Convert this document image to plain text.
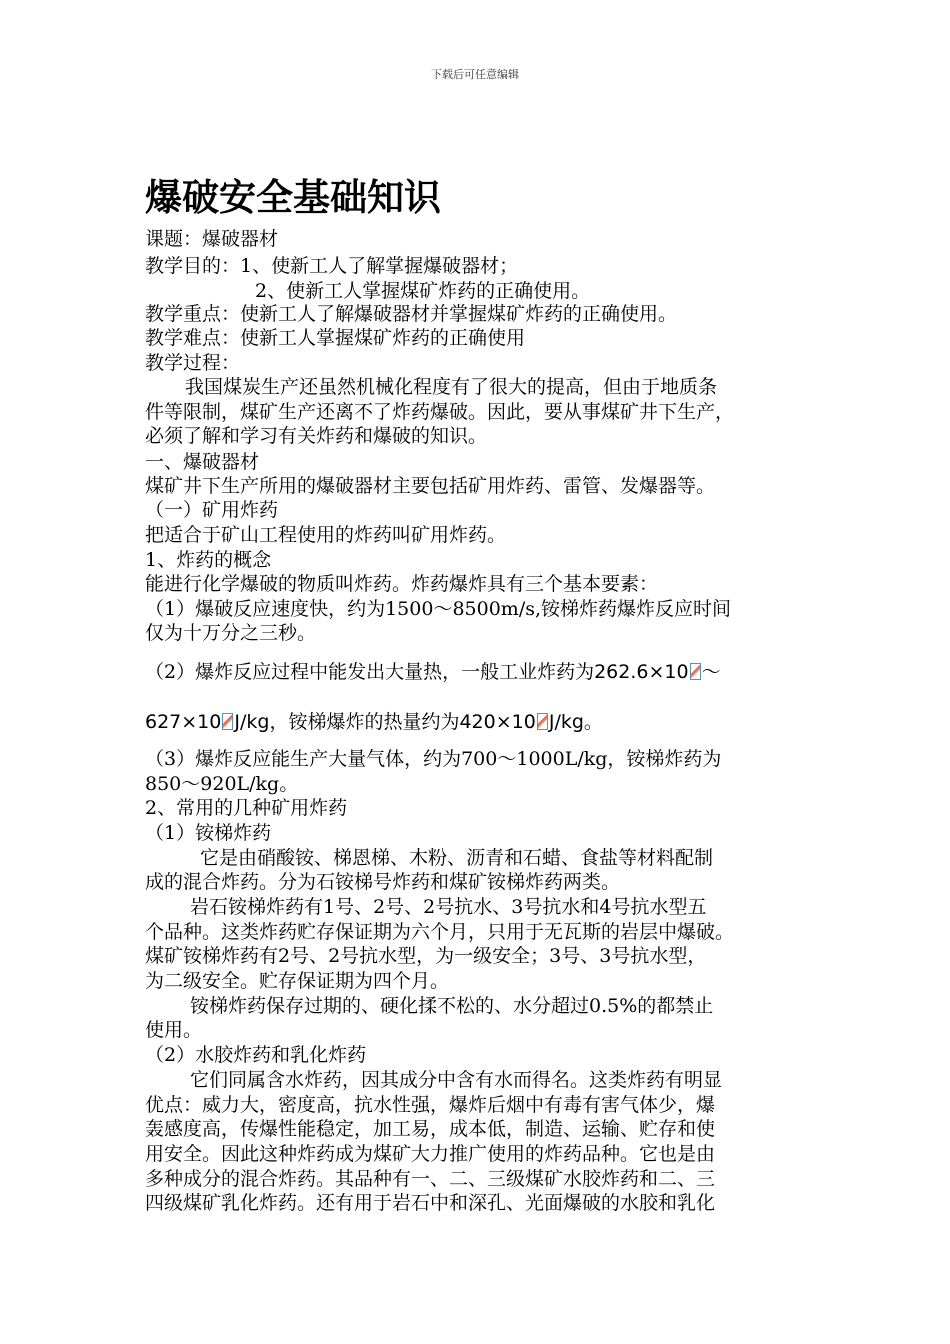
下载后可任意编辑
爆破安全基础知识
课题：爆破器材
教学目的：1、使新工人了解掌握爆破器材；
2、使新工人掌握煤矿炸药的正确使用。
教学重点：使新工人了解爆破器材并掌握煤矿炸药的正确使用。
教学难点：使新工人掌握煤矿炸药的正确使用
教学过程：
我国煤炭生产还虽然机械化程度有了很大的提高，但由于地质条
件等限制，煤矿生产还离不了炸药爆破。因此，要从事煤矿井下生产，
必须了解和学习有关炸药和爆破的知识。
一、爆破器材
煤矿井下生产所用的爆破器材主要包括矿用炸药、雷管、发爆器等。
（一）矿用炸药
把适合于矿山工程使用的炸药叫矿用炸药。
1、炸药的概念
能进行化学爆破的物质叫炸药。炸药爆炸具有三个基本要素：
（1）爆破反应速度快，约为1500～8500m/s,铵梯炸药爆炸反应时间
仅为十万分之三秒。
（2）爆炸反应过程中能发出大量热，一般工业炸药为262.6×10 ～
627×10 J/kg，铵梯爆炸的热量约为420×10 J/kg。
（3）爆炸反应能生产大量气体，约为700～1000L/kg，铵梯炸药为
850～920L/kg。
2、常用的几种矿用炸药
（1）铵梯炸药
它是由硝酸铵、梯恩梯、木粉、沥青和石蜡、食盐等材料配制
成的混合炸药。分为石铵梯号炸药和煤矿铵梯炸药两类。
岩石铵梯炸药有1号、2号、2号抗水、3号抗水和4号抗水型五
个品种。这类炸药贮存保证期为六个月，只用于无瓦斯的岩层中爆破。
煤矿铵梯炸药有2号、2号抗水型，为一级安全；3号、3号抗水型，
为二级安全。贮存保证期为四个月。
铵梯炸药保存过期的、硬化揉不松的、水分超过0.5%的都禁止
使用。
（2）水胶炸药和乳化炸药
它们同属含水炸药，因其成分中含有水而得名。这类炸药有明显
优点：威力大，密度高，抗水性强，爆炸后烟中有毒有害气体少，爆
轰感度高，传爆性能稳定，加工易，成本低，制造、运输、贮存和使
用安全。因此这种炸药成为煤矿大力推广使用的炸药品种。它也是由
多种成分的混合炸药。其品种有一、二、三级煤矿水胶炸药和二、三
四级煤矿乳化炸药。还有用于岩石中和深孔、光面爆破的水胶和乳化
